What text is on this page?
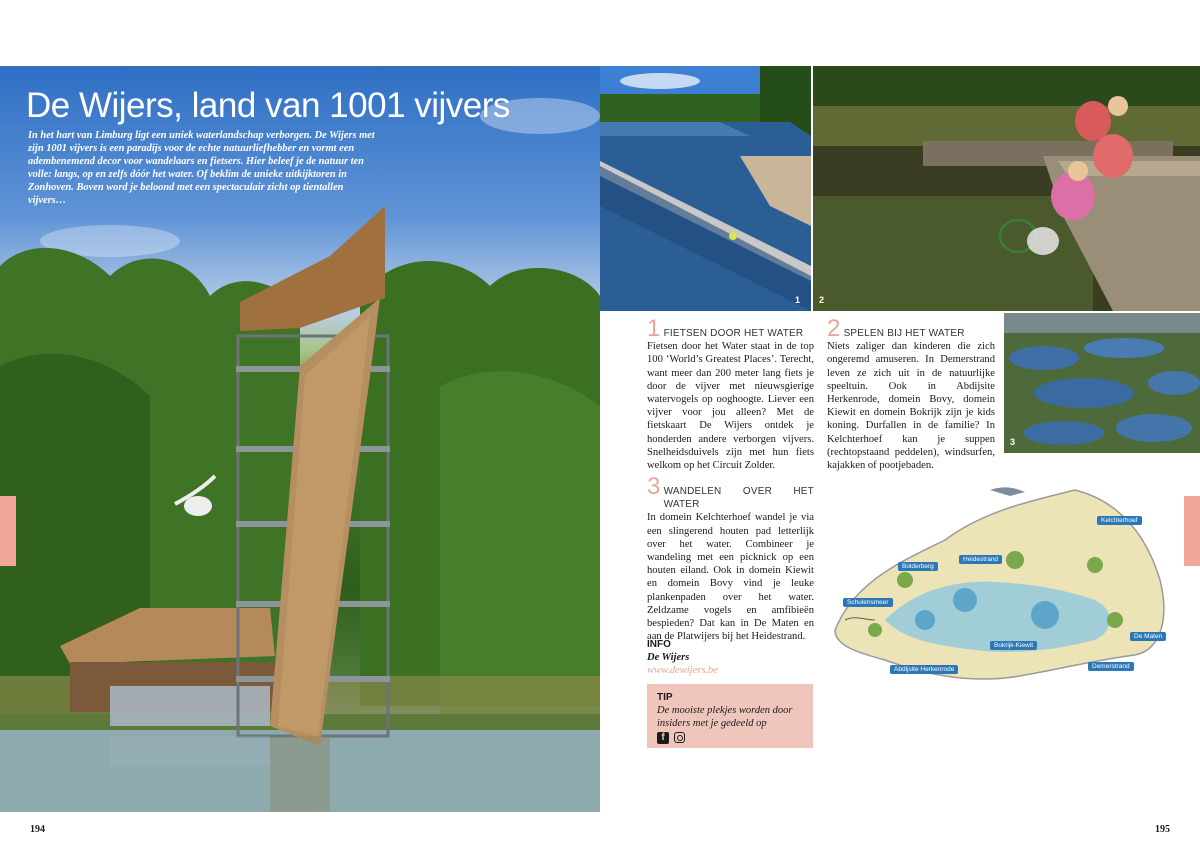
De Wijers, land van 1001 vijvers
In het hart van Limburg ligt een uniek waterlandschap verborgen. De Wijers met zijn 1001 vijvers is een paradijs voor de echte natuurliefhebber en vormt een adembenemend decor voor wandelaars en fietsers. Hier beleef je de natuur ten volle: langs, op en zelfs dóór het water. Of beklim de unieke uitkijktoren in Zonhoven. Boven word je beloond met een spectaculair zicht op tientallen vijvers…
1 2
3
1 FIETSEN DOOR HET WATER
Fietsen door het Water staat in de top 100 ‘World’s Greatest Places’. Terecht, want meer dan 200 meter lang fiets je door de vijver met nieuwsgierige watervogels op ooghoogte. Liever een vijver voor jou alleen? Met de fietskaart De Wijers ontdek je honderden andere verborgen vijvers. Snelheidsduivels zijn met hun fiets welkom op het Circuit Zolder.
3 WANDELEN OVER HET WATER
In domein Kelchterhoef wandel je via een slingerend houten pad letterlijk over het water. Combineer je wandeling met een picknick op een houten eiland. Ook in domein Kiewit en domein Bovy vind je leuke plankenpaden over het water. Zeldzame vogels en amfibieën bespieden? Dat kan in De Maten en aan de Platwijers bij het Heidestrand.
2 SPELEN BIJ HET WATER
Niets zaliger dan kinderen die zich ongeremd amuseren. In Demerstrand leven ze zich uit in de natuurlijke speeltuin. Ook in Abdijsite Herkenrode, domein Bovy, domein Kiewit en domein Bokrijk zijn je kids koning. Durfallen in de familie? In Kelchterhoef kan je suppen (rechtopstaand peddelen), windsurfen, kajakken of pootjebaden.
INFO
De Wijers
www.dewijers.be
TIP
De mooiste plekjes worden door insiders met je gedeeld op
f
Kelchterhoef
Heidestrand
Bolderberg
Schulensmeer
Bokrijk-Kiewit
De Maten
Abdijsite Herkenrode	Demerstrand
194	195
